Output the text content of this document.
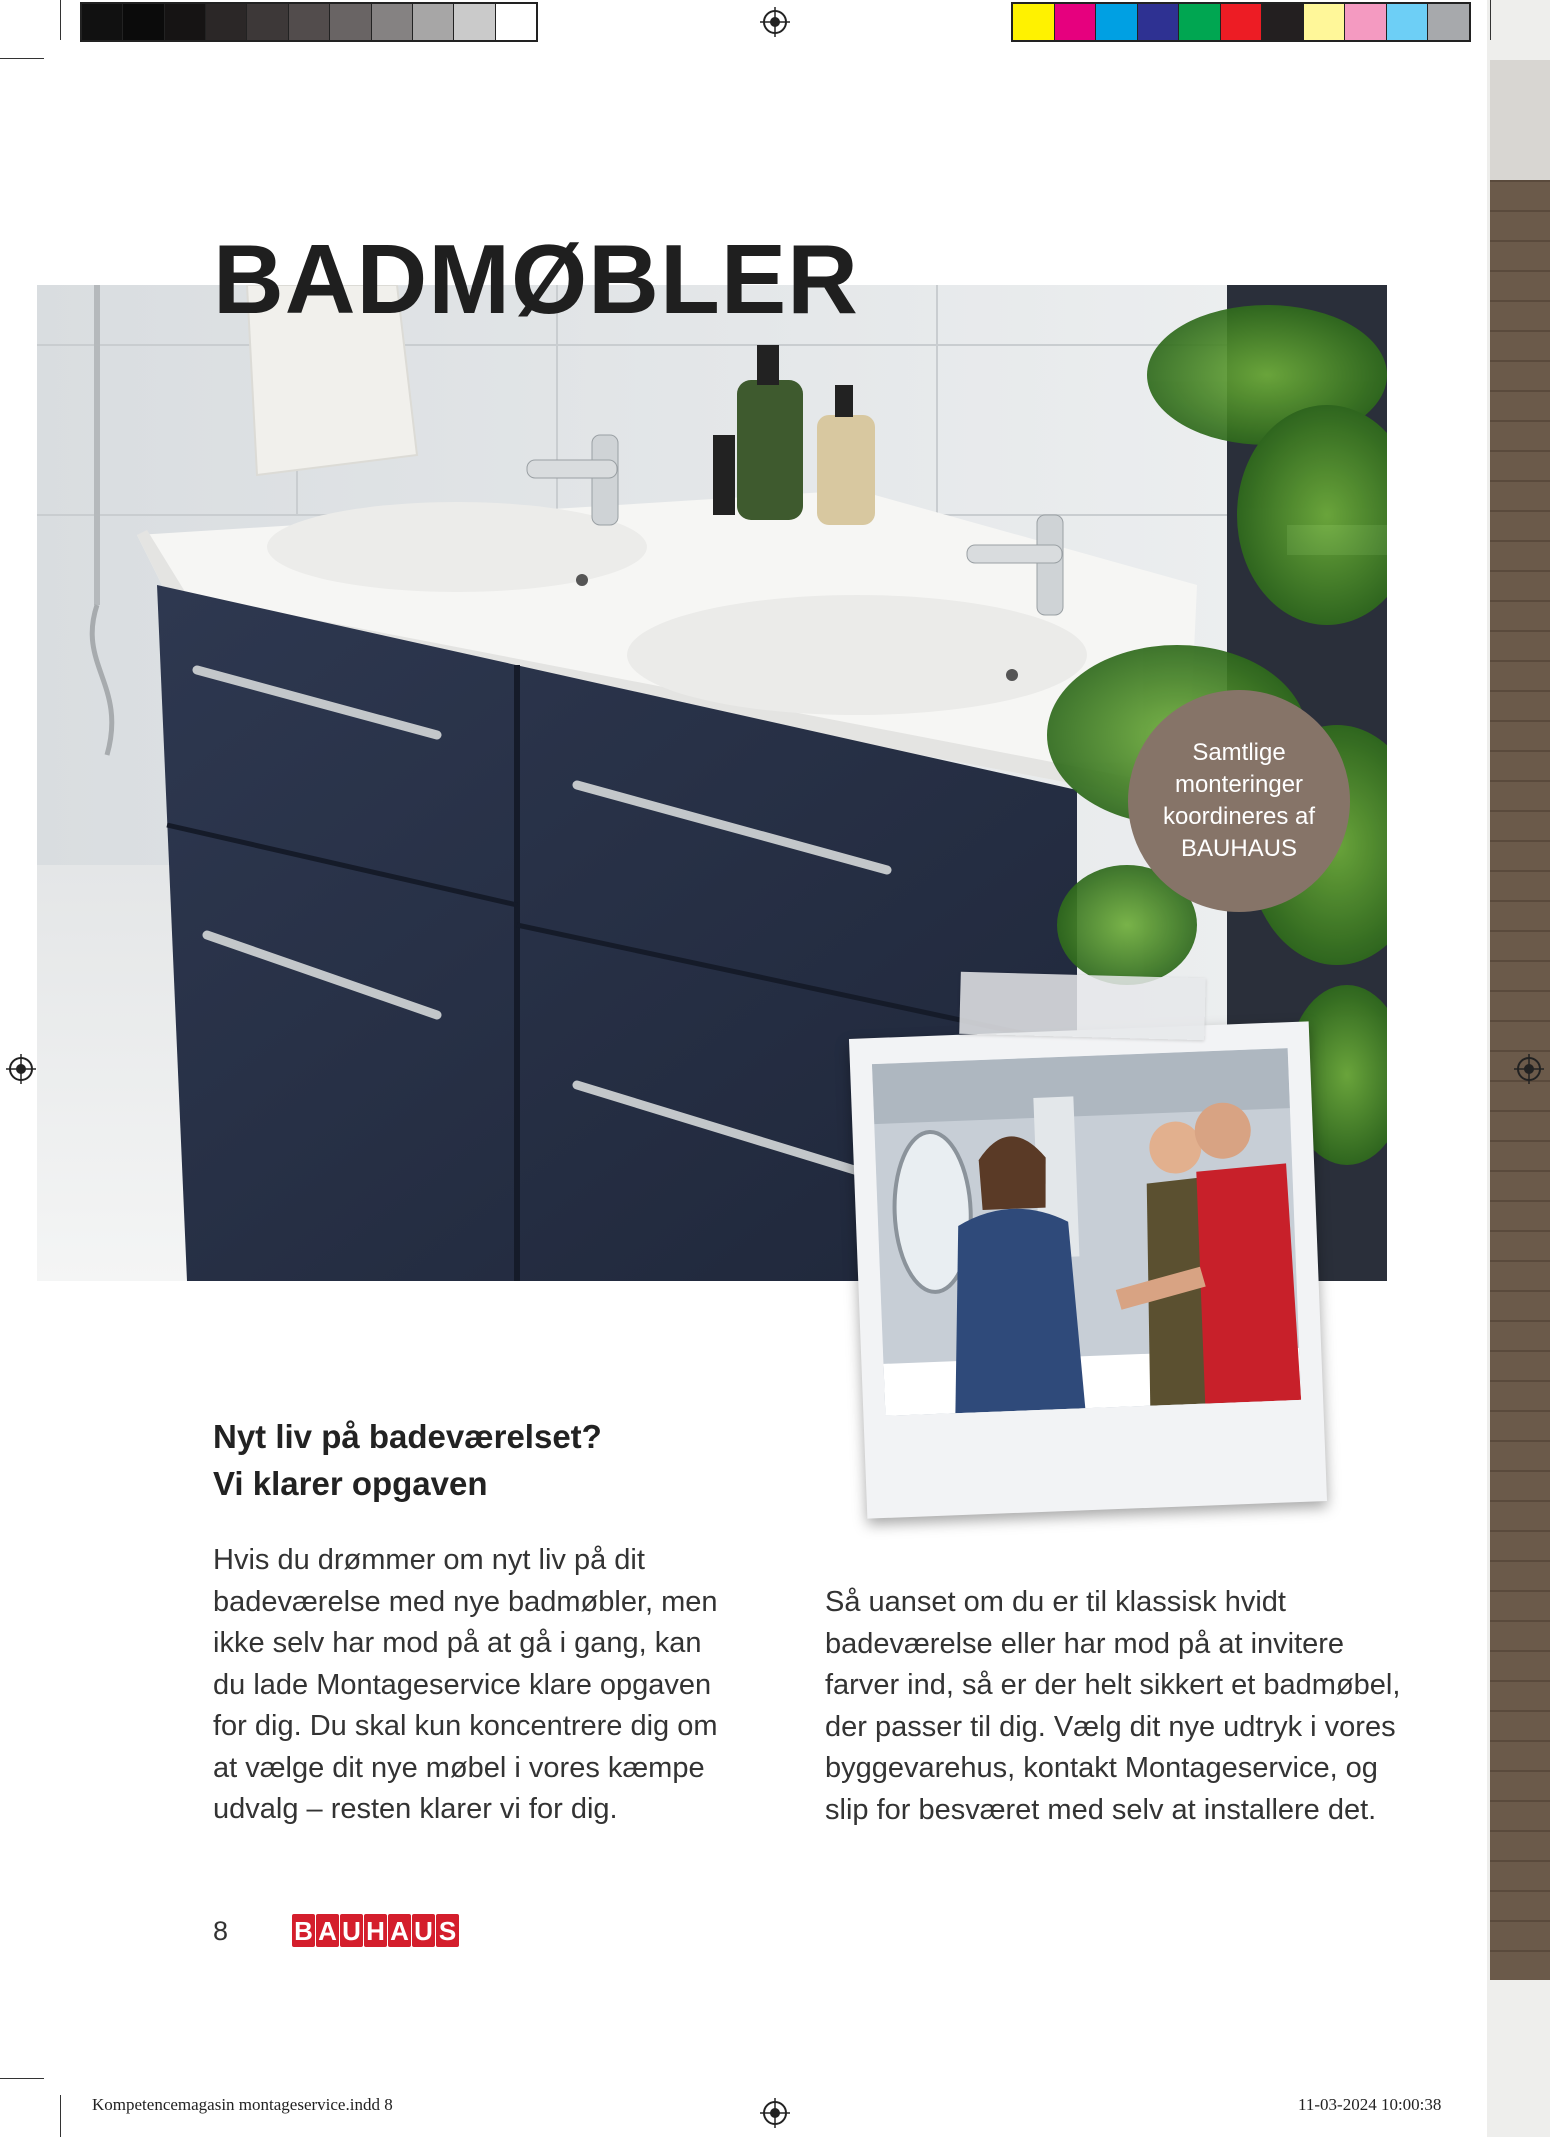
BADMØBLER
Samtlige
monteringer
koordineres af
BAUHAUS
Nyt liv på badeværelset?
Vi klarer opgaven
Hvis du drømmer om nyt liv på dit
badeværelse med nye badmøbler, men
ikke selv har mod på at gå i gang, kan
du lade Montageservice klare opgaven
for dig. Du skal kun koncentrere dig om
at vælge dit nye møbel i vores kæmpe
udvalg – resten klarer vi for dig.
Så uanset om du er til klassisk hvidt
badeværelse eller har mod på at invitere
farver ind, så er der helt sikkert et badmøbel,
der passer til dig. Vælg dit nye udtryk i vores
byggevarehus, kontakt Montageservice, og
slip for besværet med selv at installere det.
8	B A U H A U S
Kompetencemagasin montageservice.indd 8	11-03-2024 10:00:38
